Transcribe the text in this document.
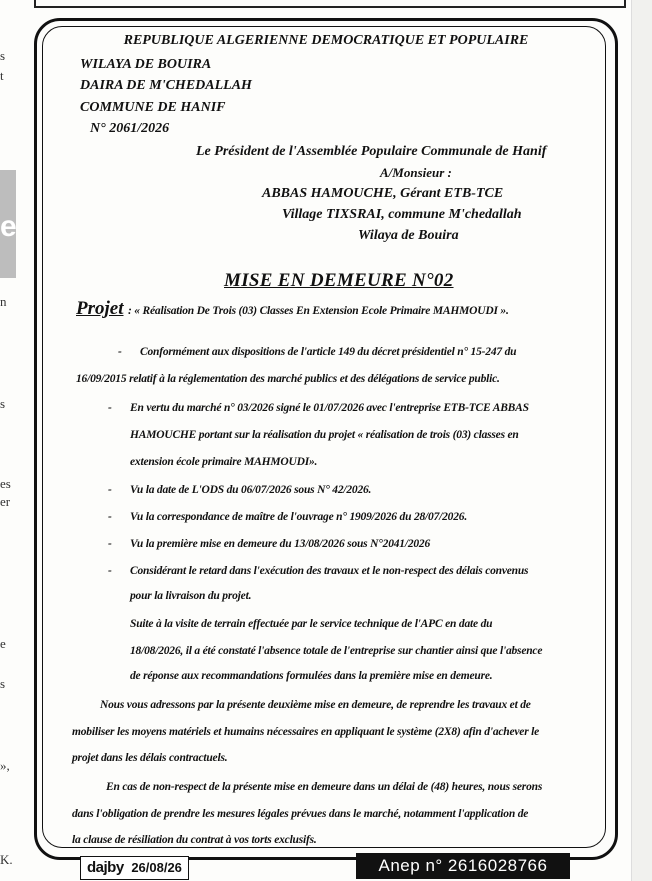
s
t
e
n
s
es
er
e
s
»,
K.
REPUBLIQUE ALGERIENNE DEMOCRATIQUE ET POPULAIRE
WILAYA DE BOUIRA
DAIRA DE M'CHEDALLAH
COMMUNE DE HANIF
N° 2061/2026
Le Président de l'Assemblée Populaire Communale de Hanif
A/Monsieur :
ABBAS HAMOUCHE, Gérant ETB-TCE
Village TIXSRAI, commune M'chedallah
Wilaya de Bouira
MISE EN DEMEURE N°02
Projet : « Réalisation De Trois (03) Classes En Extension Ecole Primaire MAHMOUDI ».
- Conformément aux dispositions de l'article 149 du décret présidentiel n° 15-247 du
16/09/2015 relatif à la réglementation des marché publics et des délégations de service public.
- En vertu du marché n° 03/2026 signé le 01/07/2026 avec l'entreprise ETB-TCE ABBAS
HAMOUCHE portant sur la réalisation du projet « réalisation de trois (03) classes en
extension école primaire MAHMOUDI».
- Vu la date de L'ODS du 06/07/2026 sous N° 42/2026.
- Vu la correspondance de maître de l'ouvrage n° 1909/2026 du 28/07/2026.
- Vu la première mise en demeure du 13/08/2026 sous N°2041/2026
- Considérant le retard dans l'exécution des travaux et le non-respect des délais convenus
pour la livraison du projet.
Suite à la visite de terrain effectuée par le service technique de l'APC en date du
18/08/2026, il a été constaté l'absence totale de l'entreprise sur chantier ainsi que l'absence
de réponse aux recommandations formulées dans la première mise en demeure.
Nous vous adressons par la présente deuxième mise en demeure, de reprendre les travaux et de
mobiliser les moyens matériels et humains nécessaires en appliquant le système (2X8) afin d'achever le
projet dans les délais contractuels.
En cas de non-respect de la présente mise en demeure dans un délai de (48) heures, nous serons
dans l'obligation de prendre les mesures légales prévues dans le marché, notamment l'application de
la clause de résiliation du contrat à vos torts exclusifs.
dajby 26/08/26	Anep n° 2616028766
